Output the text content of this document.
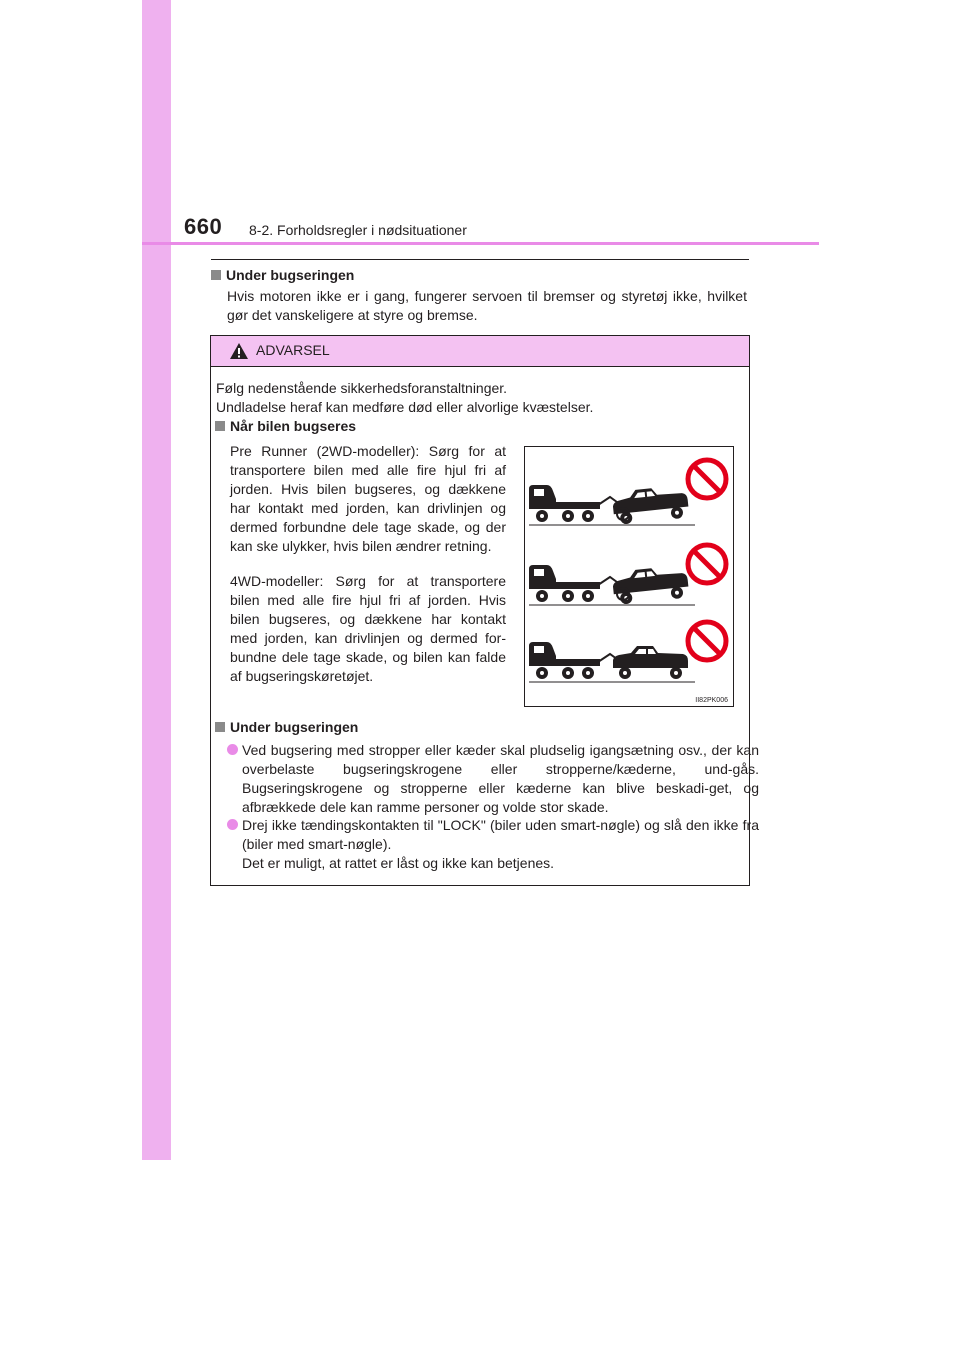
660 8-2. Forholdsregler i nødsituationer
Under bugseringen
Hvis motoren ikke er i gang, fungerer servoen til bremser og styretøj ikke, hvilket gør det vanskeligere at styre og bremse.
ADVARSEL
Følg nedenstående sikkerhedsforanstaltninger.
Undladelse heraf kan medføre død eller alvorlige kvæstelser.
Når bilen bugseres
Pre Runner (2WD-modeller): Sørg for at transportere bilen med alle fire hjul fri af jorden. Hvis bilen bugseres, og dækkene har kontakt med jorden, kan drivlinjen og dermed forbundne dele tage skade, og der kan ske ulykker, hvis bilen ændrer retning.
4WD-modeller: Sørg for at transportere bilen med alle fire hjul fri af jorden. Hvis bilen bugseres, og dækkene har kontakt med jorden, kan drivlinjen og dermed for-bundne dele tage skade, og bilen kan falde af bugseringskøretøjet.
II82PK006
Under bugseringen
Ved bugsering med stropper eller kæder skal pludselig igangsætning osv., der kan overbelaste bugseringskrogene eller stropperne/kæderne, und-gås. Bugseringskrogene og stropperne eller kæderne kan blive beskadi-get, og afbrækkede dele kan ramme personer og volde stor skade.
Drej ikke tændingskontakten til "LOCK" (biler uden smart-nøgle) og slå den ikke fra (biler med smart-nøgle).
Det er muligt, at rattet er låst og ikke kan betjenes.
